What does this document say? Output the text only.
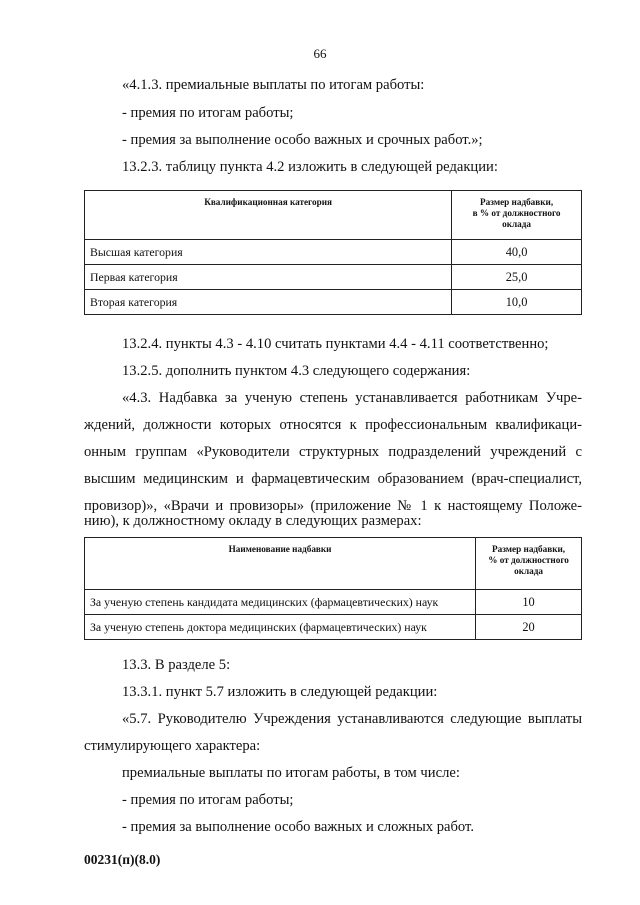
66
«4.1.3. премиальные выплаты по итогам работы:
- премия по итогам работы;
- премия за выполнение особо важных и срочных работ.»;
13.2.3. таблицу пункта 4.2 изложить в следующей редакции:
Квалификационная категория	Размер надбавки,
в % от должностного
оклада
Высшая категория	40,0
Первая категория	25,0
Вторая категория	10,0
13.2.4. пункты 4.3 - 4.10 считать пунктами 4.4 - 4.11 соответственно;
13.2.5. дополнить пунктом 4.3 следующего содержания:
«4.3. Надбавка за ученую степень устанавливается работникам Учре-
ждений, должности которых относятся к профессиональным квалификаци-
онным группам «Руководители структурных подразделений учреждений с
высшим медицинским и фармацевтическим образованием (врач-специалист,
провизор)», «Врачи и провизоры» (приложение № 1 к настоящему Положе-
нию), к должностному окладу в следующих размерах:
Наименование надбавки	Размер надбавки,
% от должностного
оклада
За ученую степень кандидата медицинских (фармацевтических) наук	10
За ученую степень доктора медицинских (фармацевтических) наук	20
13.3. В разделе 5:
13.3.1. пункт 5.7 изложить в следующей редакции:
«5.7. Руководителю Учреждения устанавливаются следующие выплаты
стимулирующего характера:
премиальные выплаты по итогам работы, в том числе:
- премия по итогам работы;
- премия за выполнение особо важных и сложных работ.
00231(п)(8.0)
